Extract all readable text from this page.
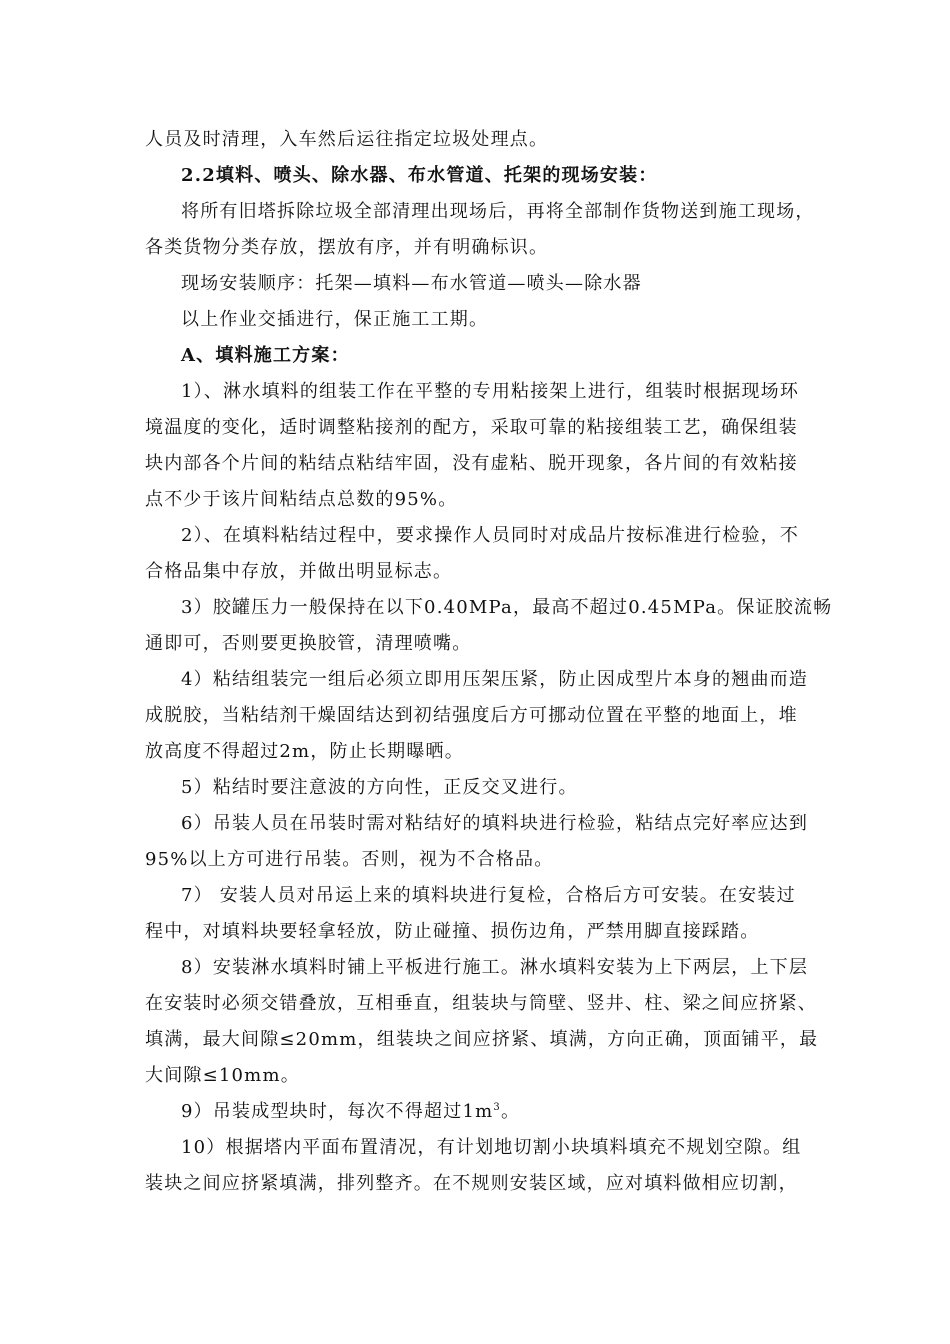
人员及时清理，入车然后运往指定垃圾处理点。
2.2填料、喷头、除水器、布水管道、托架的现场安装：
将所有旧塔拆除垃圾全部清理出现场后，再将全部制作货物送到施工现场，
各类货物分类存放，摆放有序，并有明确标识。
现场安装顺序：托架—填料—布水管道—喷头—除水器
以上作业交插进行，保正施工工期。
A、填料施工方案：
1）、淋水填料的组装工作在平整的专用粘接架上进行，组装时根据现场环
境温度的变化，适时调整粘接剂的配方，采取可靠的粘接组装工艺，确保组装
块内部各个片间的粘结点粘结牢固，没有虚粘、脱开现象，各片间的有效粘接
点不少于该片间粘结点总数的95%。
2）、在填料粘结过程中，要求操作人员同时对成品片按标准进行检验，不
合格品集中存放，并做出明显标志。
3）胶罐压力一般保持在以下0.40MPa，最高不超过0.45MPa。保证胶流畅
通即可，否则要更换胶管，清理喷嘴。
4）粘结组装完一组后必须立即用压架压紧，防止因成型片本身的翘曲而造
成脱胶，当粘结剂干燥固结达到初结强度后方可挪动位置在平整的地面上，堆
放高度不得超过2m，防止长期曝晒。
5）粘结时要注意波的方向性，正反交叉进行。
6）吊装人员在吊装时需对粘结好的填料块进行检验，粘结点完好率应达到
95%以上方可进行吊装。否则，视为不合格品。
7） 安装人员对吊运上来的填料块进行复检，合格后方可安装。在安装过
程中，对填料块要轻拿轻放，防止碰撞、损伤边角，严禁用脚直接踩踏。
8）安装淋水填料时铺上平板进行施工。淋水填料安装为上下两层，上下层
在安装时必须交错叠放，互相垂直，组装块与筒壁、竖井、柱、梁之间应挤紧、
填满，最大间隙≤20mm，组装块之间应挤紧、填满，方向正确，顶面铺平，最
大间隙≤10mm。
9）吊装成型块时，每次不得超过$1m^3$。
10）根据塔内平面布置清况，有计划地切割小块填料填充不规划空隙。组
装块之间应挤紧填满，排列整齐。在不规则安装区域，应对填料做相应切割，
